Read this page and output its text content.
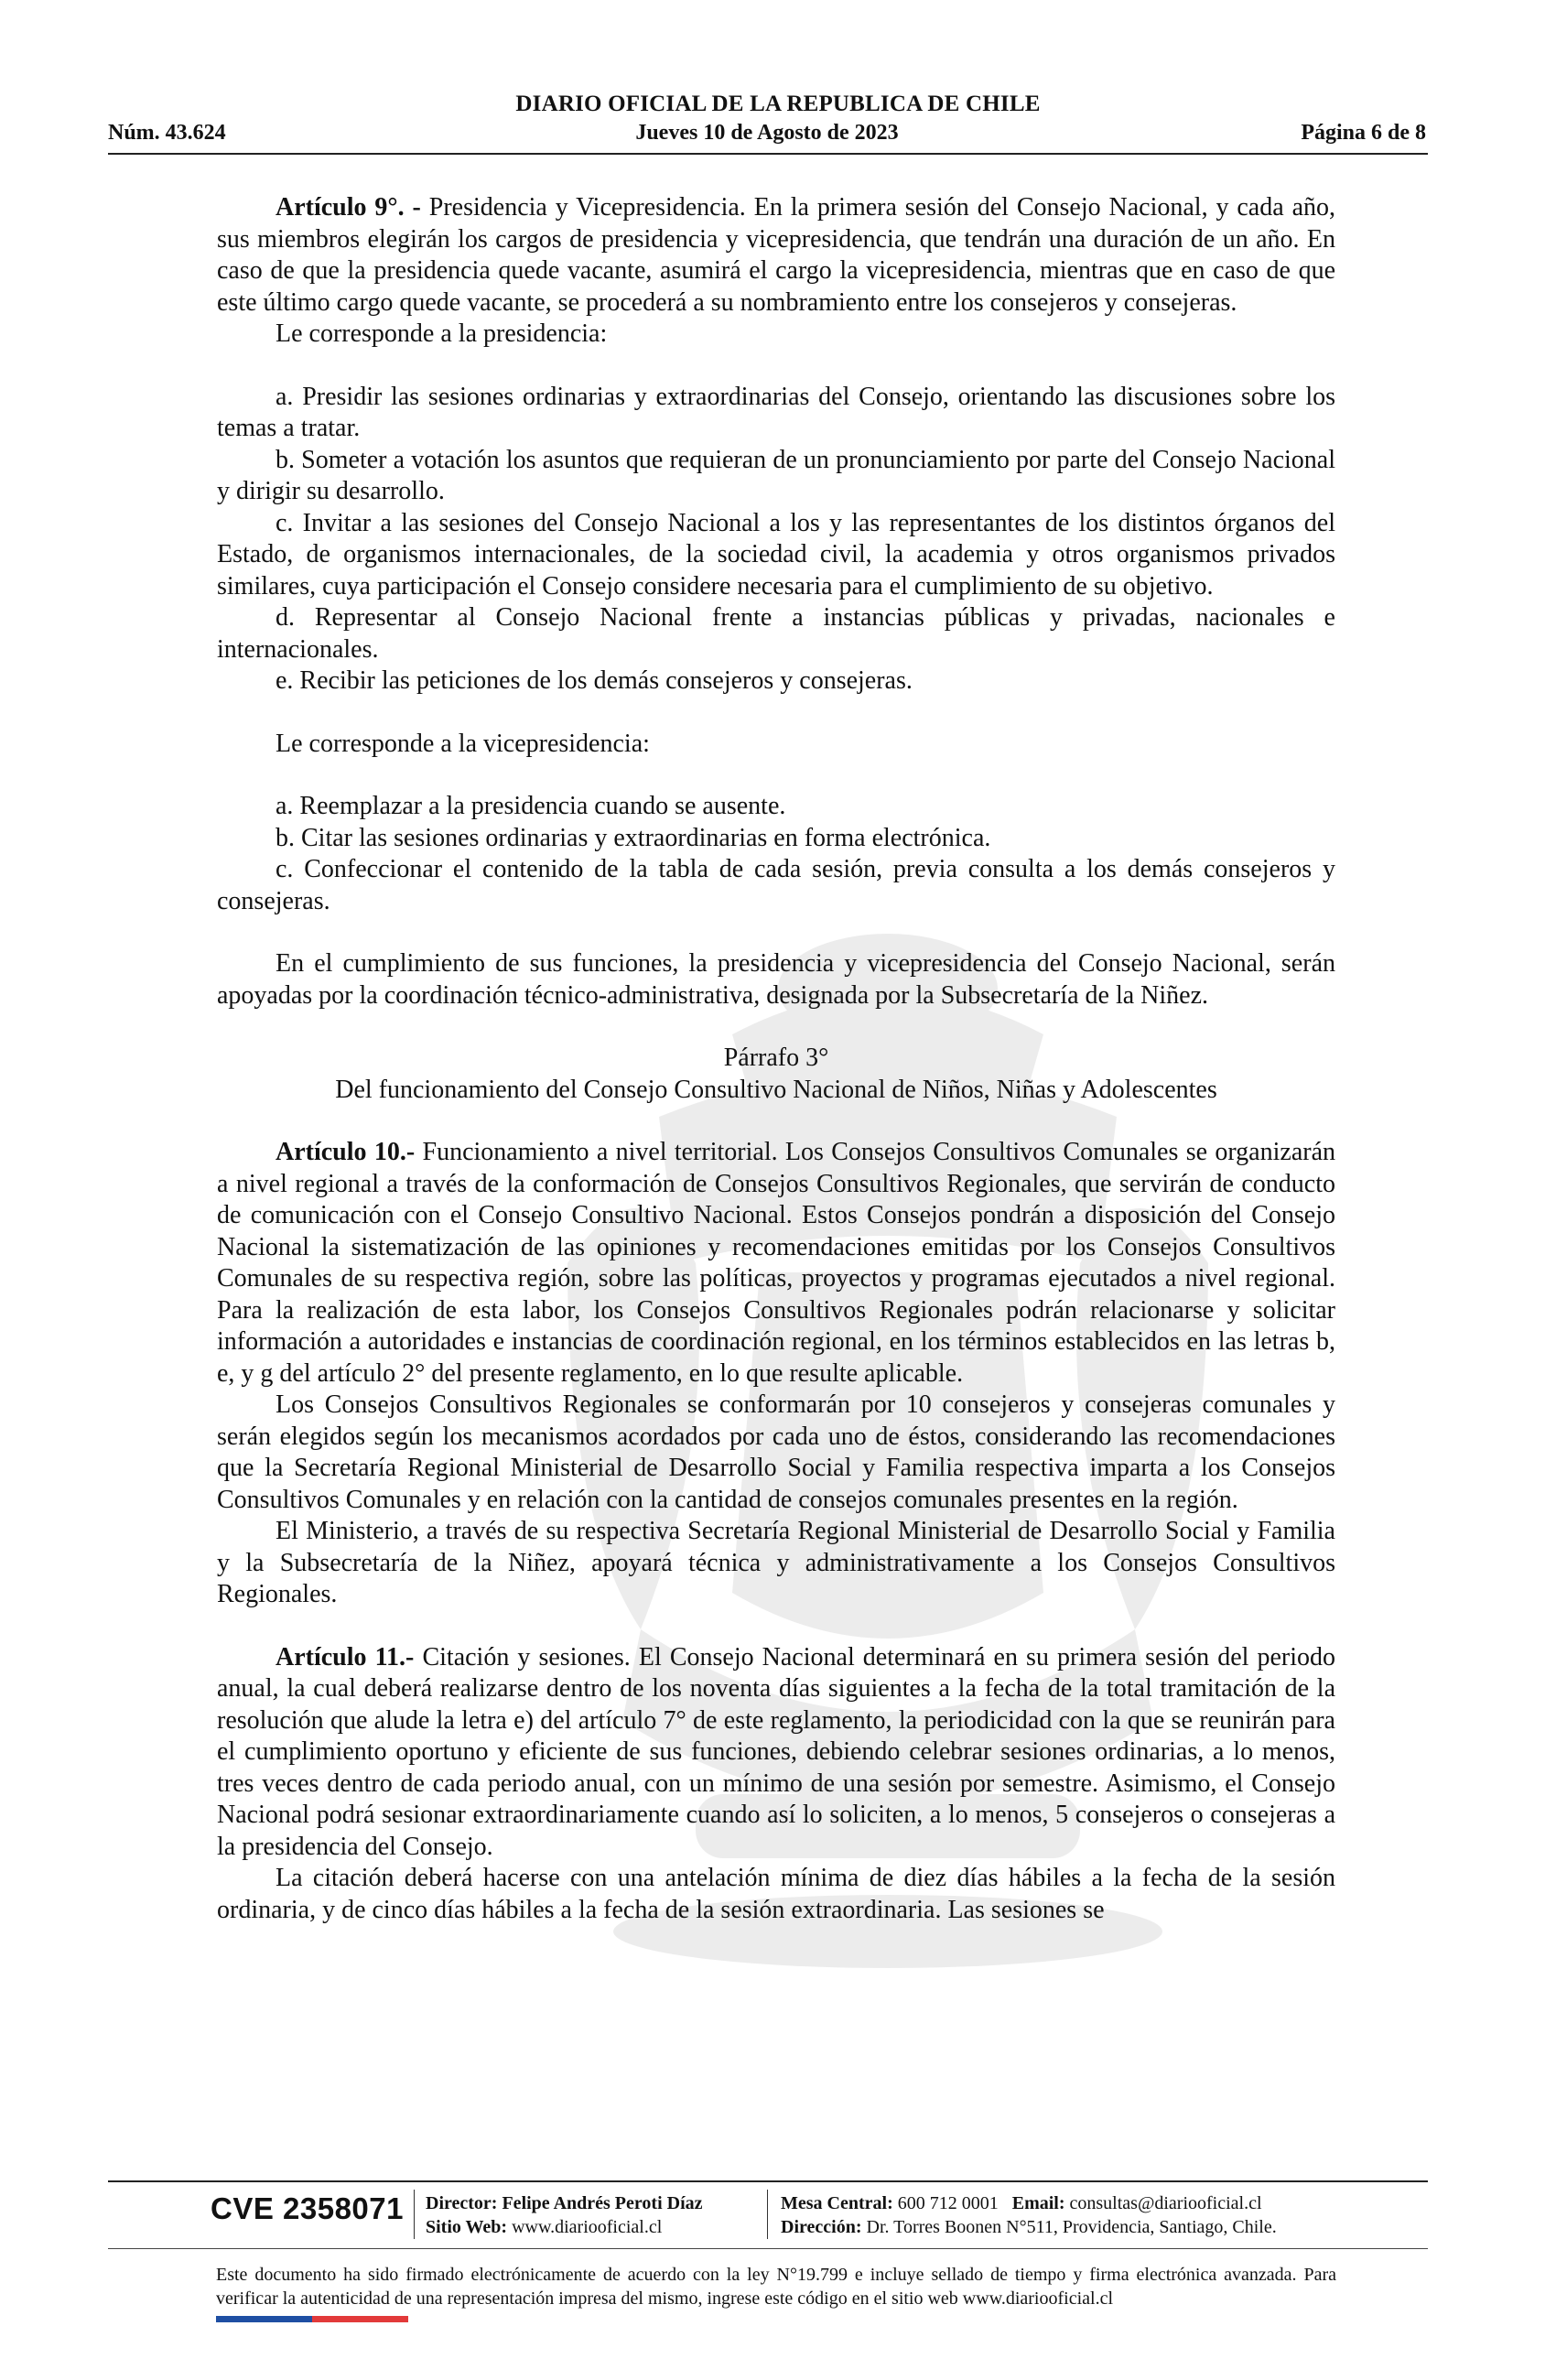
DIARIO OFICIAL DE LA REPUBLICA DE CHILE
Núm. 43.624	Jueves 10 de Agosto de 2023	Página 6 de 8

Artículo 9°. - Presidencia y Vicepresidencia. En la primera sesión del Consejo Nacional, y cada año, sus miembros elegirán los cargos de presidencia y vicepresidencia, que tendrán una duración de un año. En caso de que la presidencia quede vacante, asumirá el cargo la vicepresidencia, mientras que en caso de que este último cargo quede vacante, se procederá a su nombramiento entre los consejeros y consejeras.

Le corresponde a la presidencia:

a. Presidir las sesiones ordinarias y extraordinarias del Consejo, orientando las discusiones sobre los temas a tratar.

b. Someter a votación los asuntos que requieran de un pronunciamiento por parte del Consejo Nacional y dirigir su desarrollo.

c. Invitar a las sesiones del Consejo Nacional a los y las representantes de los distintos órganos del Estado, de organismos internacionales, de la sociedad civil, la academia y otros organismos privados similares, cuya participación el Consejo considere necesaria para el cumplimiento de su objetivo.

d. Representar al Consejo Nacional frente a instancias públicas y privadas, nacionales e internacionales.

e. Recibir las peticiones de los demás consejeros y consejeras.

Le corresponde a la vicepresidencia:

a. Reemplazar a la presidencia cuando se ausente.

b. Citar las sesiones ordinarias y extraordinarias en forma electrónica.

c. Confeccionar el contenido de la tabla de cada sesión, previa consulta a los demás consejeros y consejeras.

En el cumplimiento de sus funciones, la presidencia y vicepresidencia del Consejo Nacional, serán apoyadas por la coordinación técnico-administrativa, designada por la Subsecretaría de la Niñez.

Párrafo 3°

Del funcionamiento del Consejo Consultivo Nacional de Niños, Niñas y Adolescentes

Artículo 10.- Funcionamiento a nivel territorial. Los Consejos Consultivos Comunales se organizarán a nivel regional a través de la conformación de Consejos Consultivos Regionales, que servirán de conducto de comunicación con el Consejo Consultivo Nacional. Estos Consejos pondrán a disposición del Consejo Nacional la sistematización de las opiniones y recomendaciones emitidas por los Consejos Consultivos Comunales de su respectiva región, sobre las políticas, proyectos y programas ejecutados a nivel regional. Para la realización de esta labor, los Consejos Consultivos Regionales podrán relacionarse y solicitar información a autoridades e instancias de coordinación regional, en los términos establecidos en las letras b, e, y g del artículo 2° del presente reglamento, en lo que resulte aplicable.

Los Consejos Consultivos Regionales se conformarán por 10 consejeros y consejeras comunales y serán elegidos según los mecanismos acordados por cada uno de éstos, considerando las recomendaciones que la Secretaría Regional Ministerial de Desarrollo Social y Familia respectiva imparta a los Consejos Consultivos Comunales y en relación con la cantidad de consejos comunales presentes en la región.

El Ministerio, a través de su respectiva Secretaría Regional Ministerial de Desarrollo Social y Familia y la Subsecretaría de la Niñez, apoyará técnica y administrativamente a los Consejos Consultivos Regionales.

Artículo 11.- Citación y sesiones. El Consejo Nacional determinará en su primera sesión del periodo anual, la cual deberá realizarse dentro de los noventa días siguientes a la fecha de la total tramitación de la resolución que alude la letra e) del artículo 7° de este reglamento, la periodicidad con la que se reunirán para el cumplimiento oportuno y eficiente de sus funciones, debiendo celebrar sesiones ordinarias, a lo menos, tres veces dentro de cada periodo anual, con un mínimo de una sesión por semestre. Asimismo, el Consejo Nacional podrá sesionar extraordinariamente cuando así lo soliciten, a lo menos, 5 consejeros o consejeras a la presidencia del Consejo.

La citación deberá hacerse con una antelación mínima de diez días hábiles a la fecha de la sesión ordinaria, y de cinco días hábiles a la fecha de la sesión extraordinaria. Las sesiones se

CVE 2358071 Director: Felipe Andrés Peroti Díaz
Sitio Web: www.diariooficial.cl
Mesa Central: 600 712 0001 Email: consultas@diariooficial.cl
Dirección: Dr. Torres Boonen N°511, Providencia, Santiago, Chile.
Este documento ha sido firmado electrónicamente de acuerdo con la ley N°19.799 e incluye sellado de tiempo y firma electrónica avanzada. Para verificar la autenticidad de una representación impresa del mismo, ingrese este código en el sitio web www.diariooficial.cl
